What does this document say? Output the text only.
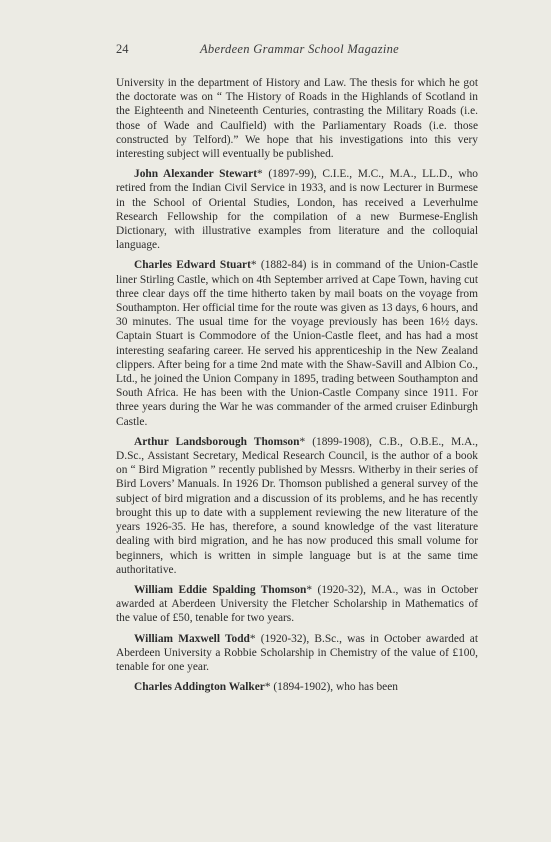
24	Aberdeen Grammar School Magazine

University in the department of History and Law. The thesis for which he got the doctorate was on “ The History of Roads in the Highlands of Scotland in the Eighteenth and Nineteenth Centuries, contrasting the Military Roads (i.e. those of Wade and Caulfield) with the Parliamentary Roads (i.e. those constructed by Telford).” We hope that his investigations into this very interesting subject will eventually be published.

John Alexander Stewart* (1897-99), C.I.E., M.C., M.A., LL.D., who retired from the Indian Civil Service in 1933, and is now Lecturer in Burmese in the School of Oriental Studies, London, has received a Leverhulme Research Fellowship for the compilation of a new Burmese-English Dictionary, with illustrative examples from literature and the colloquial language.

Charles Edward Stuart* (1882-84) is in command of the Union-Castle liner Stirling Castle, which on 4th September arrived at Cape Town, having cut three clear days off the time hitherto taken by mail boats on the voyage from Southampton. Her official time for the route was given as 13 days, 6 hours, and 30 minutes. The usual time for the voyage previously has been 16½ days. Captain Stuart is Commodore of the Union-Castle fleet, and has had a most interesting seafaring career. He served his apprenticeship in the New Zealand clippers. After being for a time 2nd mate with the Shaw-Savill and Albion Co., Ltd., he joined the Union Company in 1895, trading between Southampton and South Africa. He has been with the Union-Castle Company since 1911. For three years during the War he was commander of the armed cruiser Edinburgh Castle.

Arthur Landsborough Thomson* (1899-1908), C.B., O.B.E., M.A., D.Sc., Assistant Secretary, Medical Research Council, is the author of a book on “ Bird Migration ” recently published by Messrs. Witherby in their series of Bird Lovers’ Manuals. In 1926 Dr. Thomson published a general survey of the subject of bird migration and a discussion of its problems, and he has recently brought this up to date with a supplement reviewing the new literature of the years 1926-35. He has, therefore, a sound knowledge of the vast literature dealing with bird migration, and he has now produced this small volume for beginners, which is written in simple language but is at the same time authoritative.

William Eddie Spalding Thomson* (1920-32), M.A., was in October awarded at Aberdeen University the Fletcher Scholarship in Mathematics of the value of £50, tenable for two years.

William Maxwell Todd* (1920-32), B.Sc., was in October awarded at Aberdeen University a Robbie Scholarship in Chemistry of the value of £100, tenable for one year.

Charles Addington Walker* (1894-1902), who has been
